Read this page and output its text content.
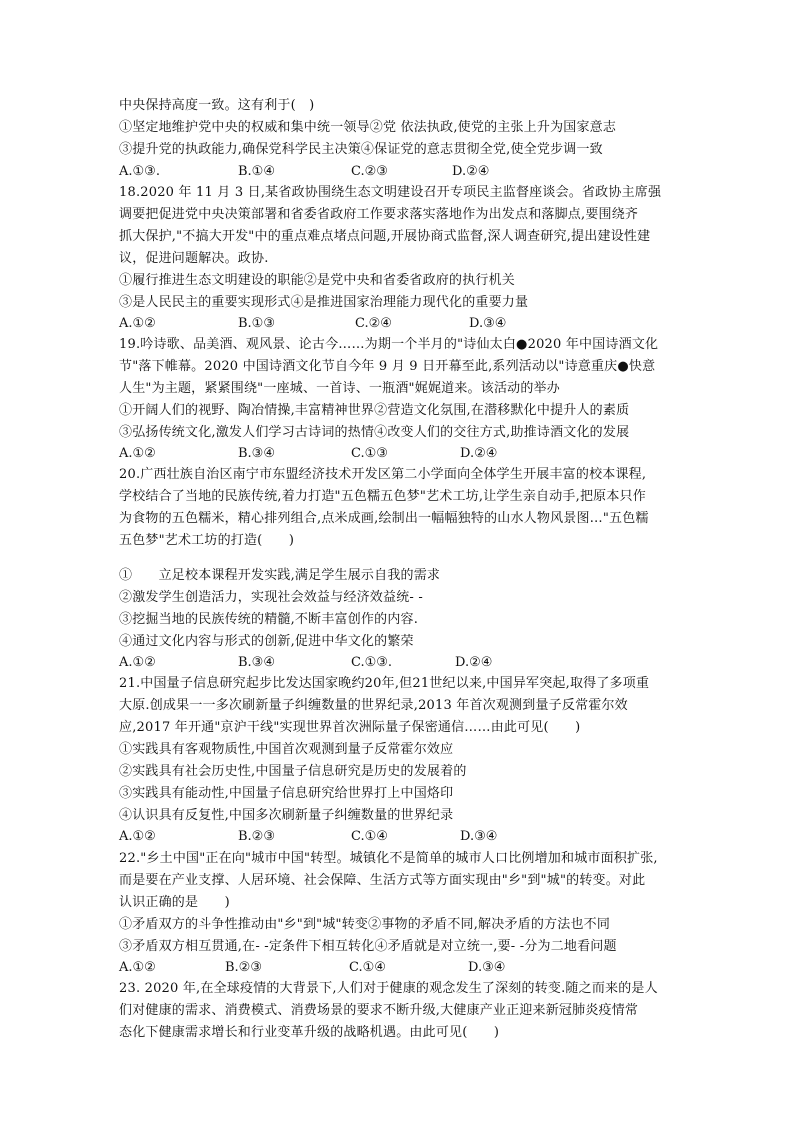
中央保持高度一致。这有利于(　)
①坚定地维护党中央的权威和集中统一领导②党 依法执政,使党的主张上升为国家意志
③提升党的执政能力,确保党科学民主决策④保证党的意志贯彻全党,使全党步调一致
A.①③.	B.①④	C.②③	D.②④
18.2020 年 11 月 3 日,某省政协围绕生态文明建设召开专项民主监督座谈会。省政协主席强
调要把促进党中央决策部署和省委省政府工作要求落实落地作为出发点和落脚点,要围绕齐
抓大保护,"不搞大开发"中的重点难点堵点问题,开展协商式监督,深人调查研究,提出建设性建
议，促进问题解决。政协.
①履行推进生态文明建设的职能②是党中央和省委省政府的执行机关
③是人民民主的重要实现形式④是推进国家治理能力现代化的重要力量
A.①②	B.①③	C.②④	D.③④
19.吟诗歌、品美酒、观风景、论古今……为期一个半月的"诗仙太白●2020 年中国诗酒文化
节"落下帷幕。2020 中国诗酒文化节自今年 9 月 9 日开幕至此,系列活动以"诗意重庆●快意
人生"为主题，紧紧围绕"一座城、一首诗、一瓶酒"娓娓道来。该活动的举办
①开阔人们的视野、陶冶情操,丰富精神世界②营造文化氛围,在潜移默化中提升人的素质
③弘扬传统文化,激发人们学习古诗词的热情④改变人们的交往方式,助推诗酒文化的发展
A.①②	B.③④	C.①③	D.②④
20.广西壮族自治区南宁市东盟经济技术开发区第二小学面向全体学生开展丰富的校本课程,
学校结合了当地的民族传统,着力打造"五色糯五色梦"艺术工坊,让学生亲自动手,把原本只作
为食物的五色糯米，精心排列组合,点米成画,绘制出一幅幅独特的山水人物风景图…"五色糯
五色梦"艺术工坊的打造(　　)
①　　立足校本课程开发实践,满足学生展示自我的需求
②激发学生创造活力，实现社会效益与经济效益统- -
③挖掘当地的民族传统的精髓,不断丰富创作的内容.
④通过文化内容与形式的创新,促进中华文化的繁荣
A.①②	B.③④	C.①③.	D.②④
21.中国量子信息研究起步比发达国家晚约20年,但21世纪以来,中国异军突起,取得了多项重
大原.创成果一一多次刷新量子纠缠数量的世界纪录,2013 年首次观测到量子反常霍尔效
应,2017 年开通"京沪干线"实现世界首次洲际量子保密通信……由此可见(　　)
①实践具有客观物质性,中国首次观测到量子反常霍尔效应
②实践具有社会历史性,中国量子信息研究是历史的发展着的
③实践具有能动性,中国量子信息研究给世界打上中国烙印
④认识具有反复性,中国多次刷新量子纠缠数量的世界纪录
A.①②	B.②③	C.①④	D.③④
22."乡土中国"正在向"城市中国"转型。城镇化不是简单的城市人口比例增加和城市面积扩张,
而是要在产业支撑、人居环境、社会保障、生活方式等方面实现由"乡"到"城"的转变。对此
认识正确的是　　)
①矛盾双方的斗争性推动由"乡"到"城"转变②事物的矛盾不同,解决矛盾的方法也不同
③矛盾双方相互贯通,在- -定条件下相互转化④矛盾就是对立统一,要- -分为二地看问题
A.①②	B.②③	C.①④	D.③④
23. 2020 年,在全球疫情的大背景下,人们对于健康的观念发生了深刻的转变.随之而来的是人
们对健康的需求、消费模式、消费场景的要求不断升级,大健康产业正迎来新冠肺炎疫情常
态化下健康需求增长和行业变革升级的战略机遇。由此可见(　　)
